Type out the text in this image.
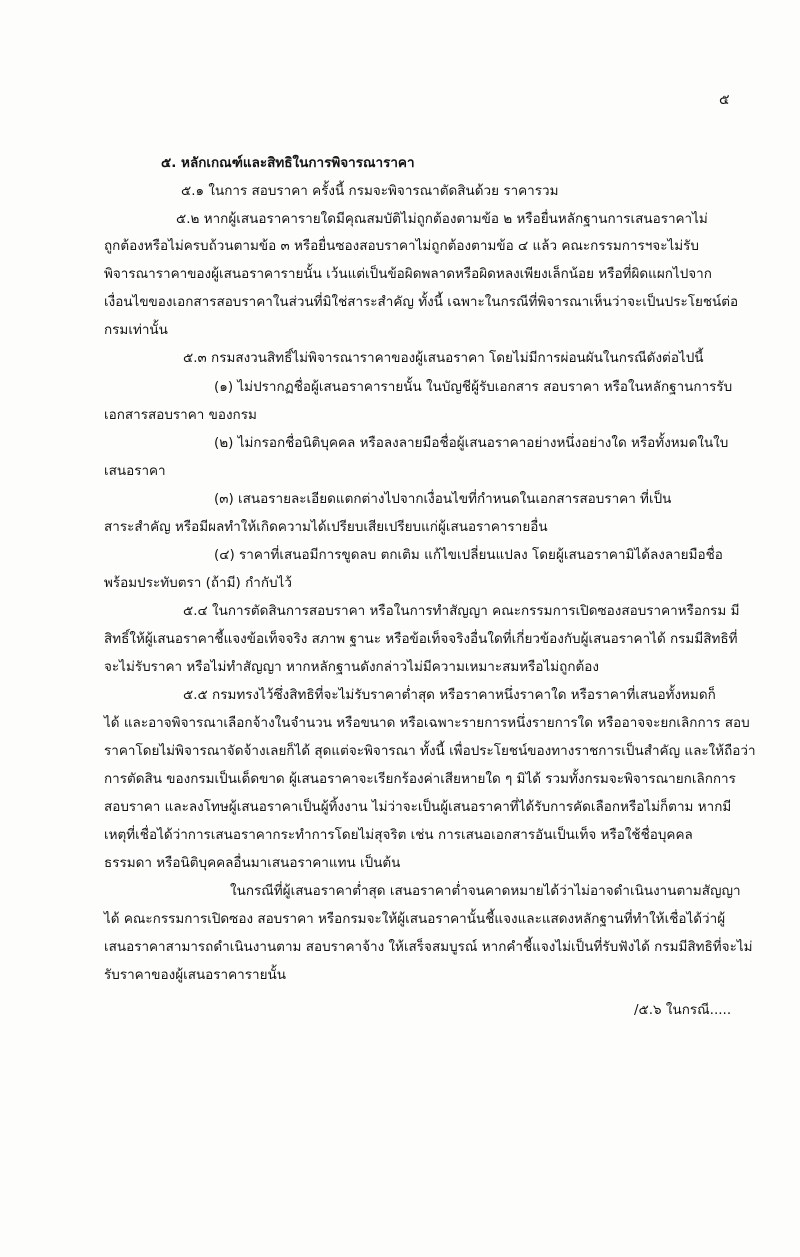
๕
๕. หลักเกณฑ์และสิทธิในการพิจารณาราคา
๕.๑ ในการ สอบราคา ครั้งนี้ กรมจะพิจารณาตัดสินด้วย ราคารวม
๕.๒ หากผู้เสนอราคารายใดมีคุณสมบัติไม่ถูกต้องตามข้อ ๒ หรือยื่นหลักฐานการเสนอราคาไม่
ถูกต้องหรือไม่ครบถ้วนตามข้อ ๓ หรือยื่นซองสอบราคาไม่ถูกต้องตามข้อ ๔ แล้ว คณะกรรมการฯจะไม่รับ
พิจารณาราคาของผู้เสนอราคารายนั้น เว้นแต่เป็นข้อผิดพลาดหรือผิดหลงเพียงเล็กน้อย หรือที่ผิดแผกไปจาก
เงื่อนไขของเอกสารสอบราคาในส่วนที่มิใช่สาระสำคัญ ทั้งนี้ เฉพาะในกรณีที่พิจารณาเห็นว่าจะเป็นประโยชน์ต่อ
กรมเท่านั้น
๕.๓ กรมสงวนสิทธิ์ไม่พิจารณาราคาของผู้เสนอราคา โดยไม่มีการผ่อนผันในกรณีดังต่อไปนี้
(๑) ไม่ปรากฏชื่อผู้เสนอราคารายนั้น ในบัญชีผู้รับเอกสาร สอบราคา หรือในหลักฐานการรับ
เอกสารสอบราคา ของกรม
(๒) ไม่กรอกชื่อนิติบุคคล หรือลงลายมือชื่อผู้เสนอราคาอย่างหนึ่งอย่างใด หรือทั้งหมดในใบ
เสนอราคา
(๓) เสนอรายละเอียดแตกต่างไปจากเงื่อนไขที่กำหนดในเอกสารสอบราคา ที่เป็น
สาระสำคัญ หรือมีผลทำให้เกิดความได้เปรียบเสียเปรียบแก่ผู้เสนอราคารายอื่น
(๔) ราคาที่เสนอมีการขูดลบ ตกเติม แก้ไขเปลี่ยนแปลง โดยผู้เสนอราคามิได้ลงลายมือชื่อ
พร้อมประทับตรา (ถ้ามี) กำกับไว้
๕.๔ ในการตัดสินการสอบราคา หรือในการทำสัญญา คณะกรรมการเปิดซองสอบราคาหรือกรม มี
สิทธิ์ให้ผู้เสนอราคาชี้แจงข้อเท็จจริง สภาพ ฐานะ หรือข้อเท็จจริงอื่นใดที่เกี่ยวข้องกับผู้เสนอราคาได้ กรมมีสิทธิที่
จะไม่รับราคา หรือไม่ทำสัญญา หากหลักฐานดังกล่าวไม่มีความเหมาะสมหรือไม่ถูกต้อง
๕.๕ กรมทรงไว้ซึ่งสิทธิที่จะไม่รับราคาต่ำสุด หรือราคาหนึ่งราคาใด หรือราคาที่เสนอทั้งหมดก็
ได้ และอาจพิจารณาเลือกจ้างในจำนวน หรือขนาด หรือเฉพาะรายการหนึ่งรายการใด หรืออาจจะยกเลิกการ สอบ
ราคาโดยไม่พิจารณาจัดจ้างเลยก็ได้ สุดแต่จะพิจารณา ทั้งนี้ เพื่อประโยชน์ของทางราชการเป็นสำคัญ และให้ถือว่า
การตัดสิน ของกรมเป็นเด็ดขาด ผู้เสนอราคาจะเรียกร้องค่าเสียหายใด ๆ มิได้ รวมทั้งกรมจะพิจารณายกเลิกการ
สอบราคา และลงโทษผู้เสนอราคาเป็นผู้ทิ้งงาน ไม่ว่าจะเป็นผู้เสนอราคาที่ได้รับการคัดเลือกหรือไม่ก็ตาม หากมี
เหตุที่เชื่อได้ว่าการเสนอราคากระทำการโดยไม่สุจริต เช่น การเสนอเอกสารอันเป็นเท็จ หรือใช้ชื่อบุคคล
ธรรมดา หรือนิติบุคคลอื่นมาเสนอราคาแทน เป็นต้น
ในกรณีที่ผู้เสนอราคาต่ำสุด เสนอราคาต่ำจนคาดหมายได้ว่าไม่อาจดำเนินงานตามสัญญา
ได้ คณะกรรมการเปิดซอง สอบราคา หรือกรมจะให้ผู้เสนอราคานั้นชี้แจงและแสดงหลักฐานที่ทำให้เชื่อได้ว่าผู้
เสนอราคาสามารถดำเนินงานตาม สอบราคาจ้าง ให้เสร็จสมบูรณ์ หากคำชี้แจงไม่เป็นที่รับฟังได้ กรมมีสิทธิที่จะไม่
รับราคาของผู้เสนอราคารายนั้น
/๕.๖ ในกรณี.....
